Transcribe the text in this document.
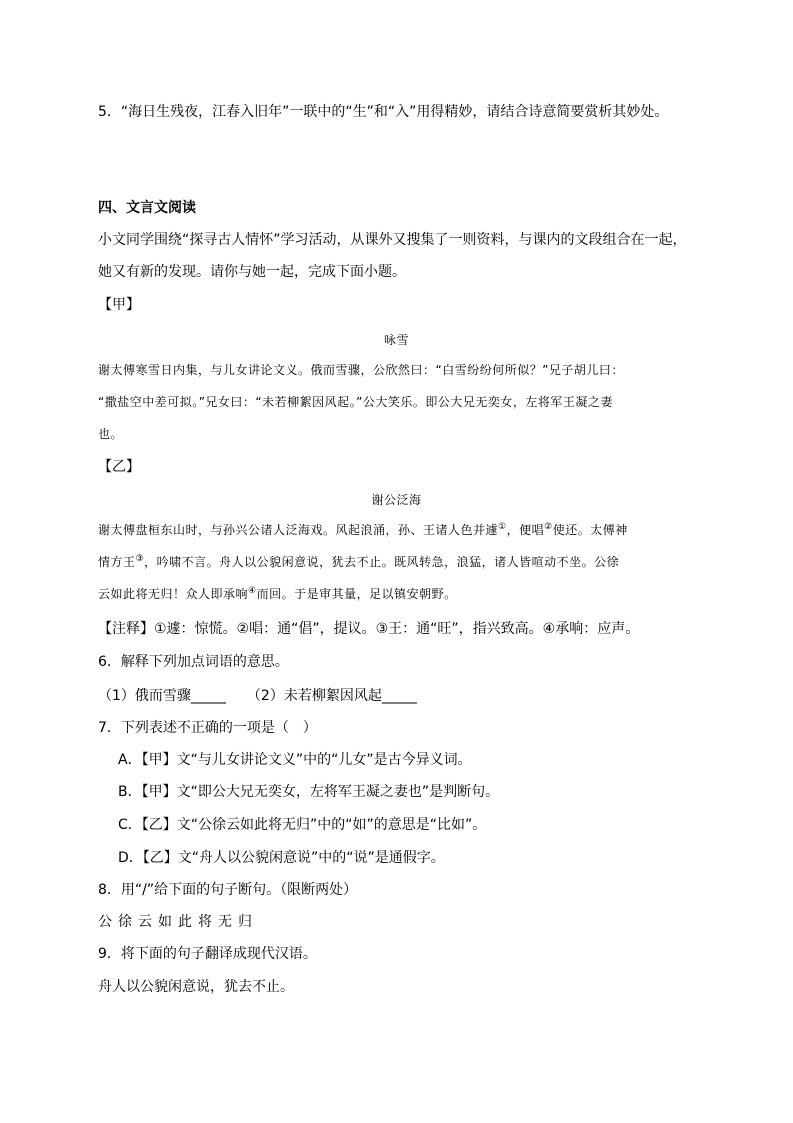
5．“海日生残夜，江春入旧年”一联中的“生”和“入”用得精妙，请结合诗意简要赏析其妙处。
四、文言文阅读
小文同学围绕“探寻古人情怀”学习活动，从课外又搜集了一则资料，与课内的文段组合在一起，
她又有新的发现。请你与她一起，完成下面小题。
【甲】
咏雪
谢太傅寒雪日内集，与儿女讲论文义。俄而雪骤，公欣然曰：“白雪纷纷何所似？”兄子胡儿曰：
“撒盐空中差可拟。”兄女曰：“未若柳絮因风起。”公大笑乐。即公大兄无奕女，左将军王凝之妻
也。
【乙】
谢公泛海
谢太傅盘桓东山时，与孙兴公诸人泛海戏。风起浪涌，孙、王诸人色并遽①，便唱②使还。太傅神
情方王③，吟啸不言。舟人以公貌闲意说，犹去不止。既风转急，浪猛，诸人皆喧动不坐。公徐
云如此将无归！众人即承响④而回。于是审其量，足以镇安朝野。
【注释】①遽：惊慌。②唱：通“倡”，提议。③王：通“旺”，指兴致高。④承响：应声。
6．解释下列加点词语的意思。
（1）俄而雪骤_____　　（2）未若柳絮因风起_____
7．下列表述不正确的一项是（　）
A．【甲】文“与儿女讲论文义”中的“儿女”是古今异义词。
B．【甲】文“即公大兄无奕女，左将军王凝之妻也”是判断句。
C．【乙】文“公徐云如此将无归”中的“如”的意思是“比如”。
D．【乙】文“舟人以公貌闲意说”中的“说”是通假字。
8．用“/”给下面的句子断句。（限断两处）
公徐云如此将无归
9．将下面的句子翻译成现代汉语。
舟人以公貌闲意说，犹去不止。
